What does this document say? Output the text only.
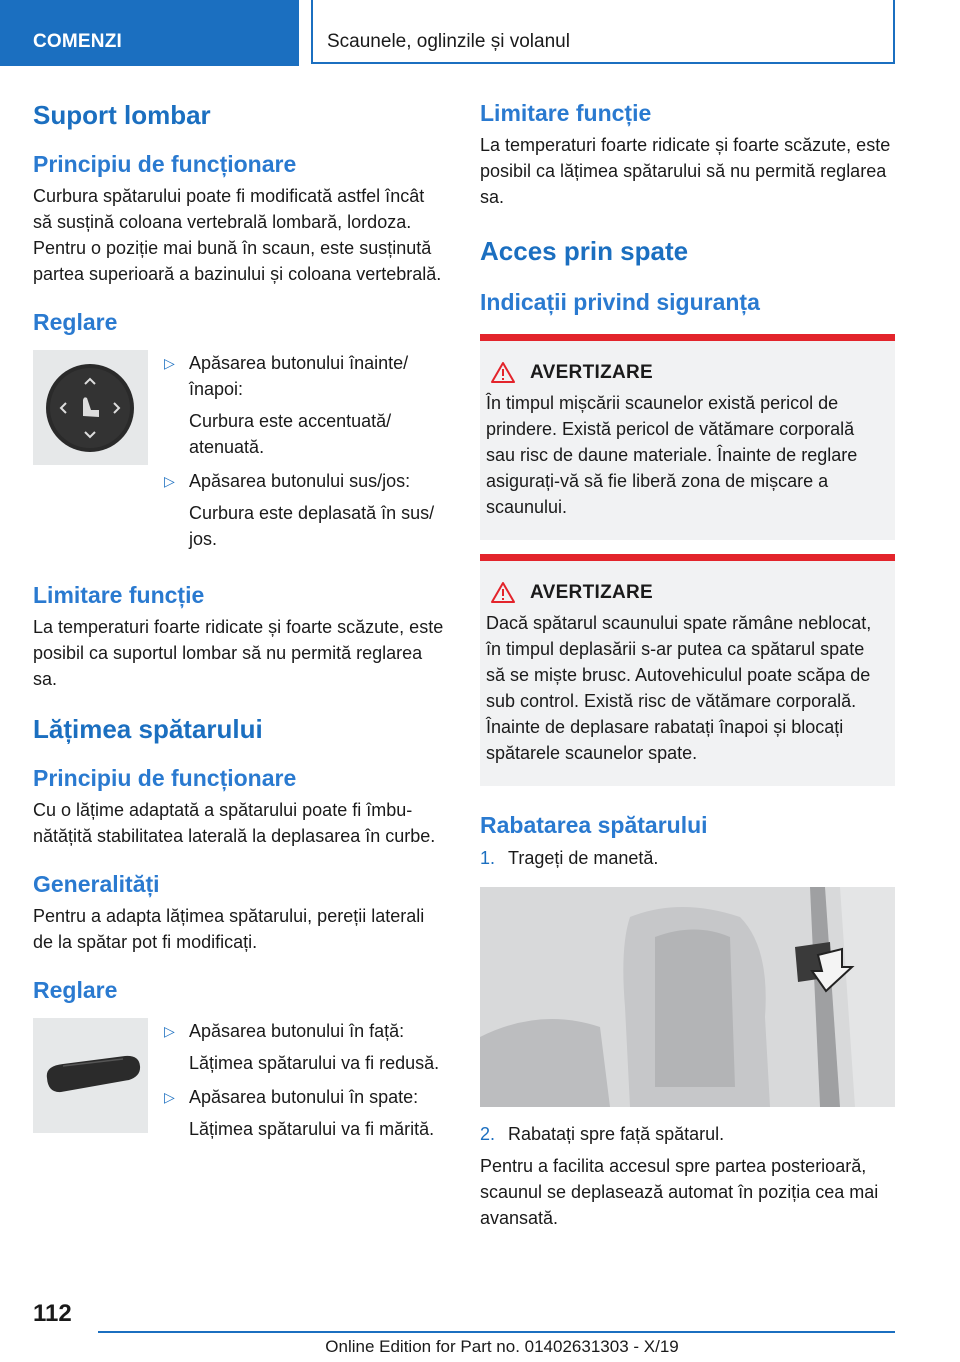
COMENZI	Scaunele, oglinzile și volanul
Suport lombar
Principiu de funcționare

Curbura spătarului poate fi modificată astfel încât să susțină coloana vertebrală lombară, lordoza. Pentru o poziție mai bună în scaun, este susținută partea superioară a bazinului și coloana vertebrală.

Reglare
▷ Apăsarea butonului înainte/ înapoi:
Curbura este accentuată/ atenuată.
▷ Apăsarea butonului sus/jos:
Curbura este deplasată în sus/ jos.
Limitare funcție

La temperaturi foarte ridicate și foarte scăzute, este posibil ca suportul lombar să nu permită reglarea sa.

Lățimea spătarului
Principiu de funcționare

Cu o lățime adaptată a spătarului poate fi îmbunătățită stabilitatea laterală la deplasarea în curbe.

Generalități

Pentru a adapta lățimea spătarului, pereții laterali de la spătar pot fi modificați.

Reglare
▷ Apăsarea butonului în față:
Lățimea spătarului va fi redusă.
▷ Apăsarea butonului în spate:
Lățimea spătarului va fi mărită.
Limitare funcție

La temperaturi foarte ridicate și foarte scăzute, este posibil ca lățimea spătarului să nu permită reglarea sa.

Acces prin spate
Indicații privind siguranța
AVERTIZARE

În timpul mișcării scaunelor există pericol de prindere. Există pericol de vătămare corporală sau risc de daune materiale. Înainte de reglare asigurați-vă să fie liberă zona de mișcare a scaunului.

AVERTIZARE

Dacă spătarul scaunului spate rămâne neblocat, în timpul deplasării s-ar putea ca spătarul spate să se miște brusc. Autovehiculul poate scăpa de sub control. Există risc de vătămare corporală. Înainte de deplasare rabatați înapoi și blocați spătarele scaunelor spate.

Rabatarea spătarului
1. Trageți de manetă.
2. Rabatați spre față spătarul.

Pentru a facilita accesul spre partea posterioară, scaunul se deplasează automat în poziția cea mai avansată.

112
Online Edition for Part no. 01402631303 - X/19
